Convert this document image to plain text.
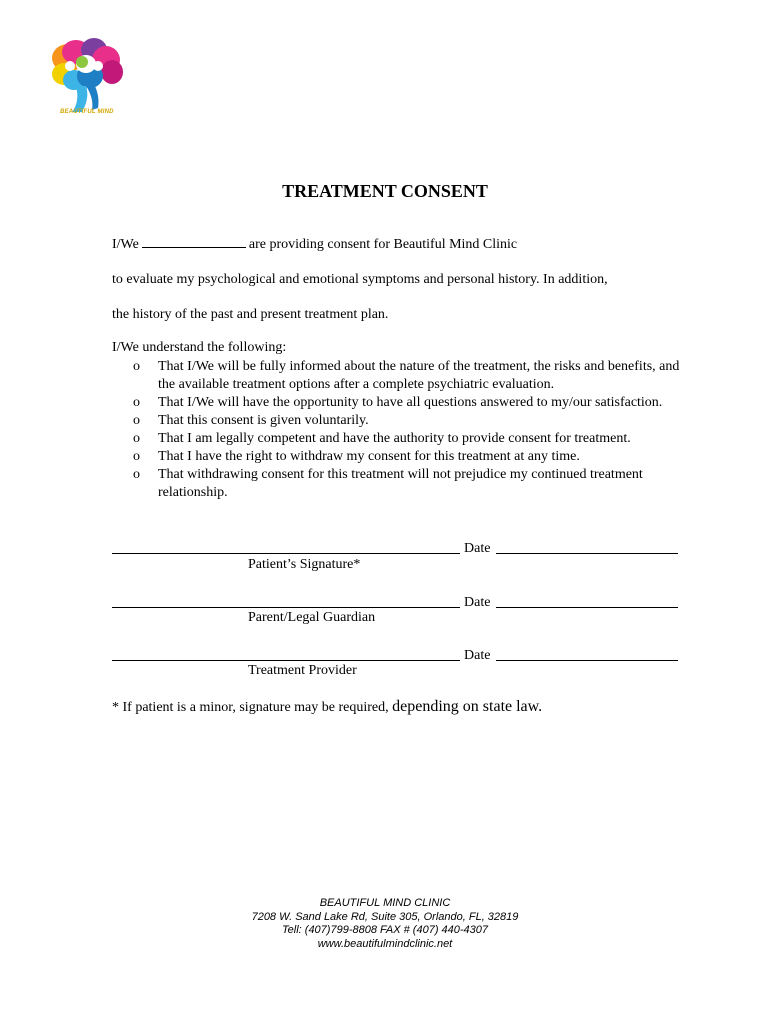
BEAUTIFUL MIND
TREATMENT CONSENT
I/We	are providing consent for Beautiful Mind Clinic
to evaluate my psychological and emotional symptoms and personal history. In addition,
the history of the past and present treatment plan.
I/We understand the following:
o That I/We will be fully informed about the nature of the treatment, the risks and benefits, and the available treatment options after a complete psychiatric evaluation.
o That I/We will have the opportunity to have all questions answered to my/our satisfaction.
o That this consent is given voluntarily.
o That I am legally competent and have the authority to provide consent for treatment.
o That I have the right to withdraw my consent for this treatment at any time.
o That withdrawing consent for this treatment will not prejudice my continued treatment relationship.
Date
Patient’s Signature*
Date
Parent/Legal Guardian
Date
Treatment Provider
* If patient is a minor, signature may be required, depending on state law.
BEAUTIFUL MIND CLINIC
7208 W. Sand Lake Rd, Suite 305, Orlando, FL, 32819
Tell: (407)799-8808 FAX # (407) 440-4307
www.beautifulmindclinic.net
